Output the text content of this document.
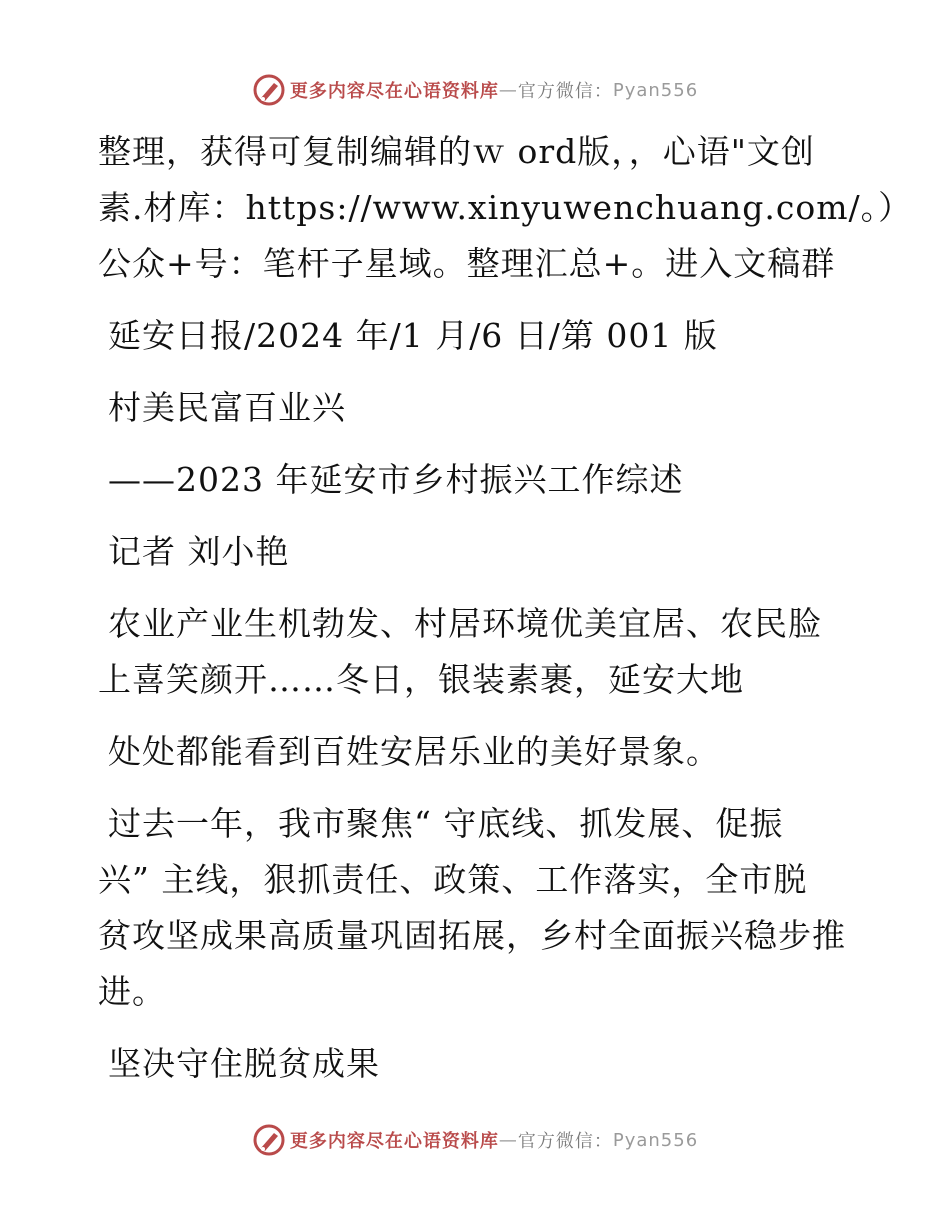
更多内容尽在心语资料库 — 官方微信： Pyan556
整理，获得可复制编辑的ｗ ord版，，心语"文创
素.材库：https://www.xinyuwenchuang.com/。）
公众+号：笔杆子星域。整理汇总+。进入文稿群
延安日报/2024 年/1 月/6 日/第 001 版
村美民富百业兴
——2023 年延安市乡村振兴工作综述
记者 刘小艳
农业产业生机勃发、村居环境优美宜居、农民脸
上喜笑颜开……冬日，银装素裹，延安大地
处处都能看到百姓安居乐业的美好景象。
过去一年，我市聚焦“ 守底线、抓发展、促振
兴” 主线，狠抓责任、政策、工作落实，全市脱
贫攻坚成果高质量巩固拓展，乡村全面振兴稳步推
进。
坚决守住脱贫成果
更多内容尽在心语资料库 — 官方微信： Pyan556
